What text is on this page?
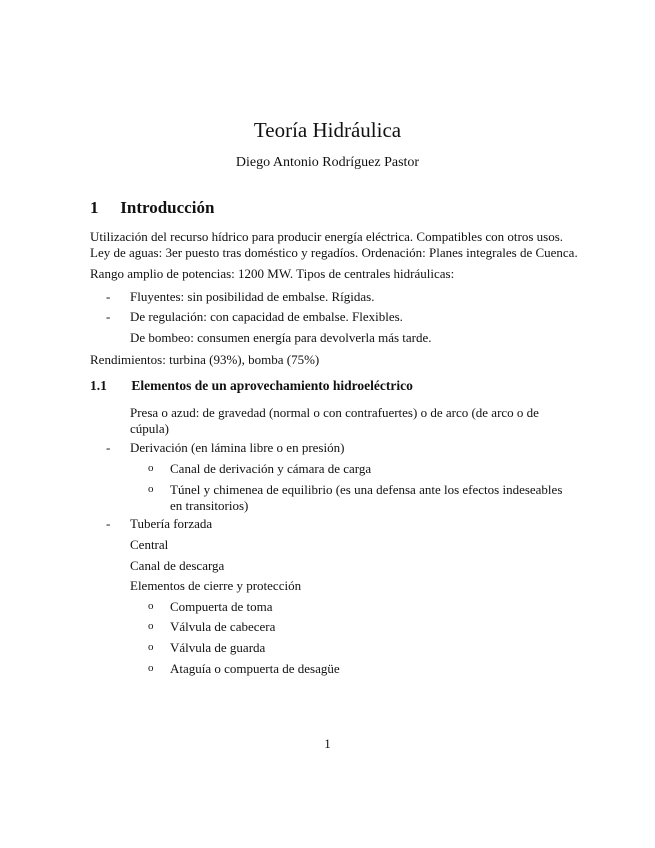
Teoría Hidráulica
Diego Antonio Rodríguez Pastor
1 Introducción
Utilización del recurso hídrico para producir energía eléctrica. Compatibles con otros usos.
Ley de aguas: 3er puesto tras doméstico y regadíos. Ordenación: Planes integrales de Cuenca.
Rango amplio de potencias: 1200 MW. Tipos de centrales hidráulicas:
- Fluyentes: sin posibilidad de embalse. Rígidas.
- De regulación: con capacidad de embalse. Flexibles.
De bombeo: consumen energía para devolverla más tarde.
Rendimientos: turbina (93%), bomba (75%)
1.1 Elementos de un aprovechamiento hidroeléctrico
Presa o azud: de gravedad (normal o con contrafuertes) o de arco (de arco o de cúpula)
- Derivación (en lámina libre o en presión)
o Canal de derivación y cámara de carga
o Túnel y chimenea de equilibrio (es una defensa ante los efectos indeseables en transitorios)
- Tubería forzada
Central
Canal de descarga
Elementos de cierre y protección
o Compuerta de toma
o Válvula de cabecera
o Válvula de guarda
o Ataguía o compuerta de desagüe
1
